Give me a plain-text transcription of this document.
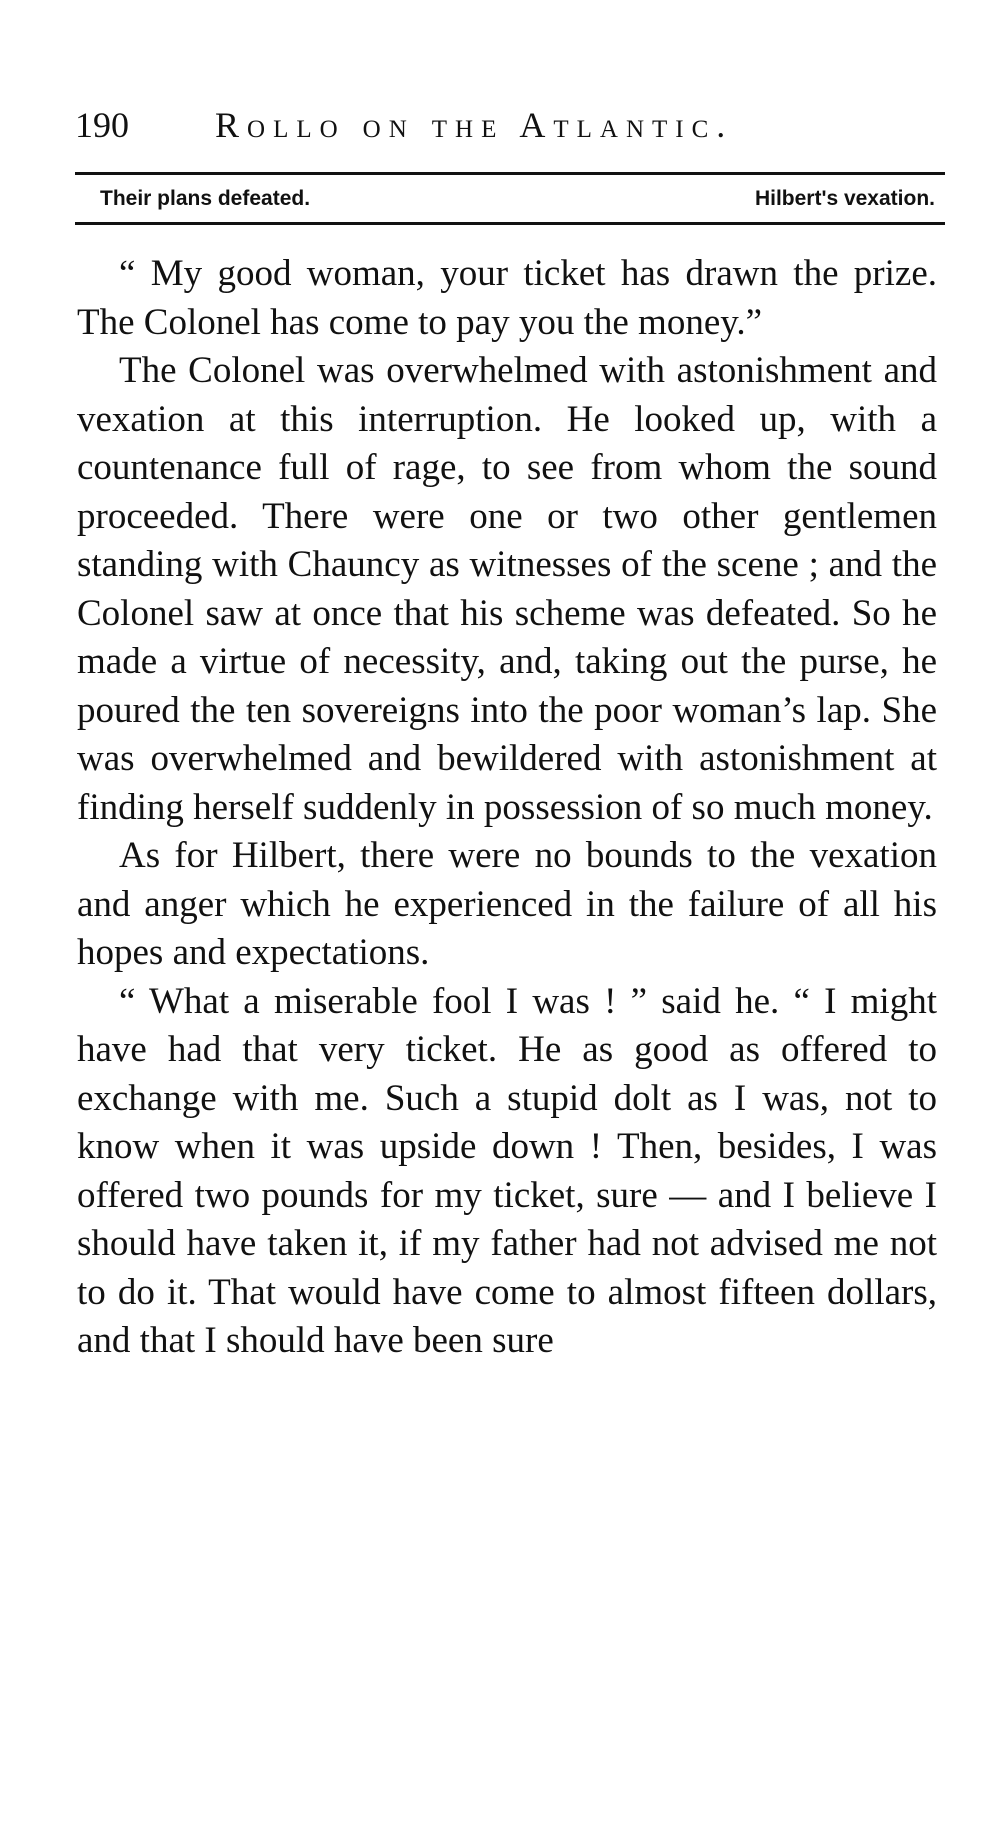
190 Rollo on the Atlantic.
Their plans defeated.	Hilbert's vexation.

“ My good woman, your ticket has drawn the prize. The Colonel has come to pay you the money.”

The Colonel was overwhelmed with astonishment and vexation at this interruption. He looked up, with a countenance full of rage, to see from whom the sound proceeded. There were one or two other gentlemen standing with Chauncy as witnesses of the scene ; and the Colonel saw at once that his scheme was defeated. So he made a virtue of necessity, and, taking out the purse, he poured the ten sovereigns into the poor woman’s lap. She was overwhelmed and bewildered with astonishment at finding herself suddenly in possession of so much money.

As for Hilbert, there were no bounds to the vexation and anger which he experienced in the failure of all his hopes and expectations.

“ What a miserable fool I was ! ” said he. “ I might have had that very ticket. He as good as offered to exchange with me. Such a stupid dolt as I was, not to know when it was upside down ! Then, besides, I was offered two pounds for my ticket, sure — and I believe I should have taken it, if my father had not advised me not to do it. That would have come to almost fifteen dollars, and that I should have been sure
